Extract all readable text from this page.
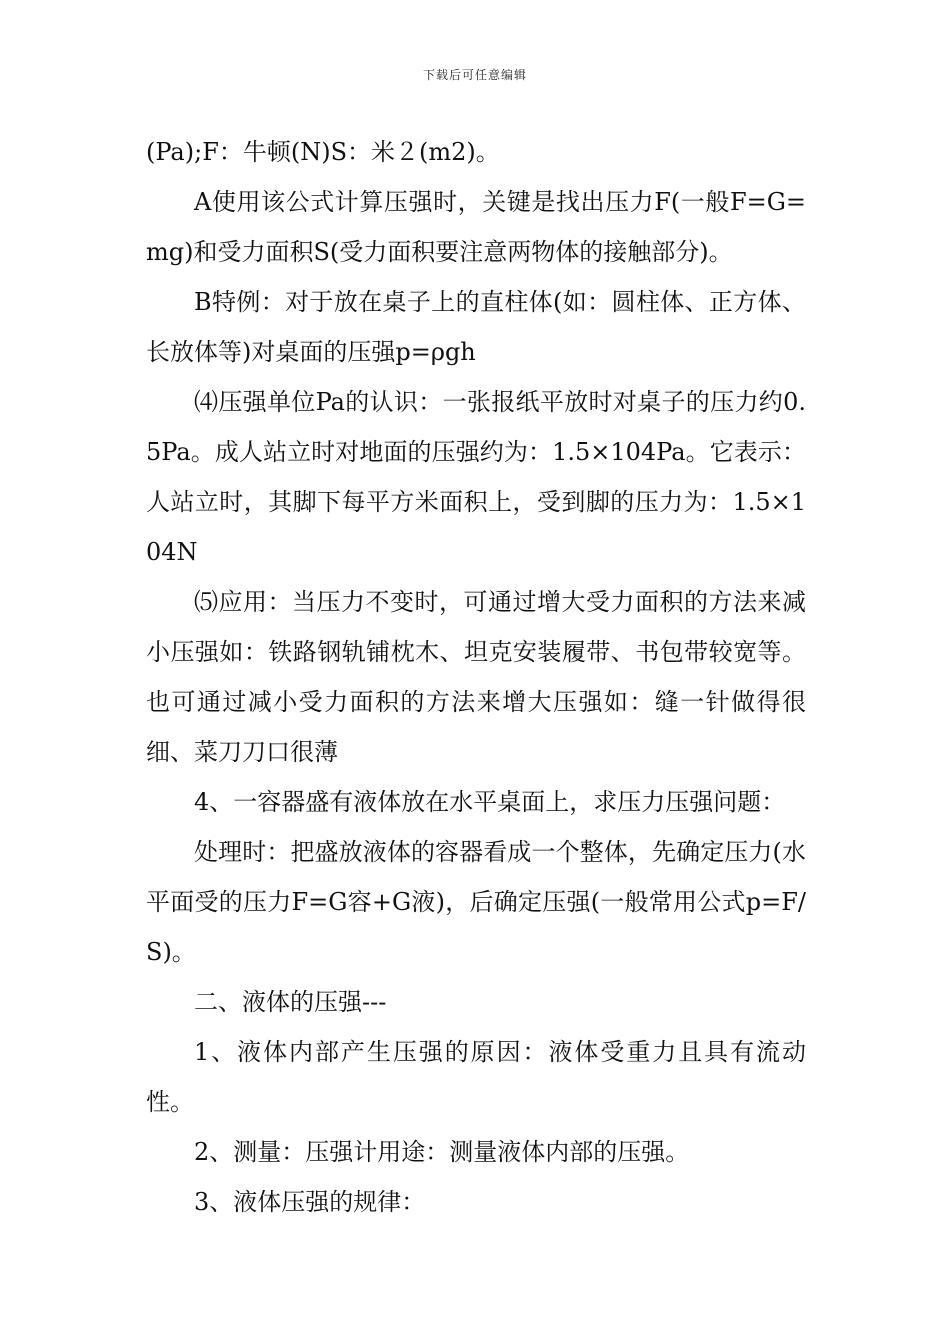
下载后可任意编辑

(Pa);F：牛顿(N)S：米２(m2)。

A使用该公式计算压强时，关键是找出压力F(一般F=G=mg)和受力面积S(受力面积要注意两物体的接触部分)。

B特例：对于放在桌子上的直柱体(如：圆柱体、正方体、长放体等)对桌面的压强p=ρgh

⑷压强单位Pa的认识：一张报纸平放时对桌子的压力约0.5Pa。成人站立时对地面的压强约为：1.5×104Pa。它表示：人站立时，其脚下每平方米面积上，受到脚的压力为：1.5×104N

⑸应用：当压力不变时，可通过增大受力面积的方法来减小压强如：铁路钢轨铺枕木、坦克安装履带、书包带较宽等。也可通过减小受力面积的方法来增大压强如：缝一针做得很细、菜刀刀口很薄

4、一容器盛有液体放在水平桌面上，求压力压强问题：

处理时：把盛放液体的容器看成一个整体，先确定压力(水平面受的压力F=G容+G液)，后确定压强(一般常用公式p=F/S)。

二、液体的压强---

1、液体内部产生压强的原因：液体受重力且具有流动性。

2、测量：压强计用途：测量液体内部的压强。

3、液体压强的规律：
